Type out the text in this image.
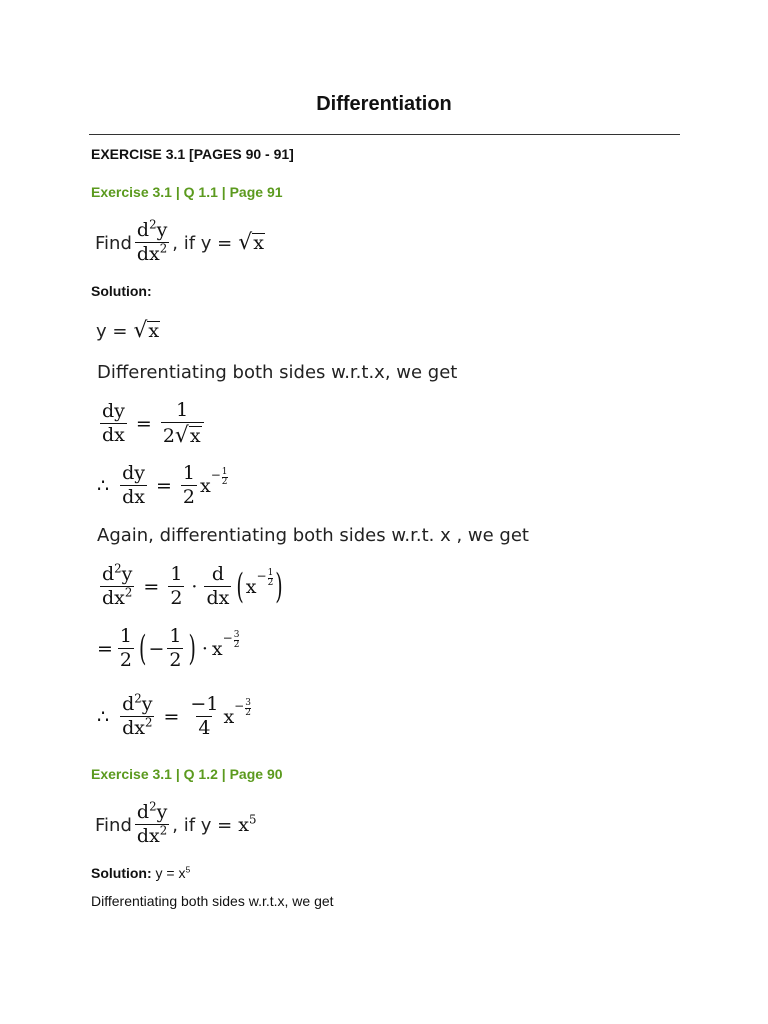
Differentiation
EXERCISE 3.1 [PAGES 90 - 91]
Exercise 3.1 | Q 1.1 | Page 91
Find $\frac{d^2y}{dx^2}$ , if y = √ x
Solution:
y = √ x
Differentiating both sides w.r.t.x, we get
$\frac{dy}{dx} = \frac{1}{2 √ x}$
∴ $\frac{dy}{dx} = \frac{1}{2}$ x
− 1
2
Again, differentiating both sides w.r.t. x , we get
$\frac{d^2y}{dx^2} = \frac{1}{2} \cdot \frac{d}{dx}$ ( x
− 1
2 )
= $\frac{1}{2}$ ( − $\frac{1}{2}$ ) · x
− 3
2
∴ $\frac{d^2y}{dx^2} = \frac{-1}{4}$ x
− 3
2
Exercise 3.1 | Q 1.2 | Page 90
Find $\frac{d^2y}{dx^2}$ , if $y = x^5$
Solution: $y = x^5$
Differentiating both sides w.r.t.x, we get
